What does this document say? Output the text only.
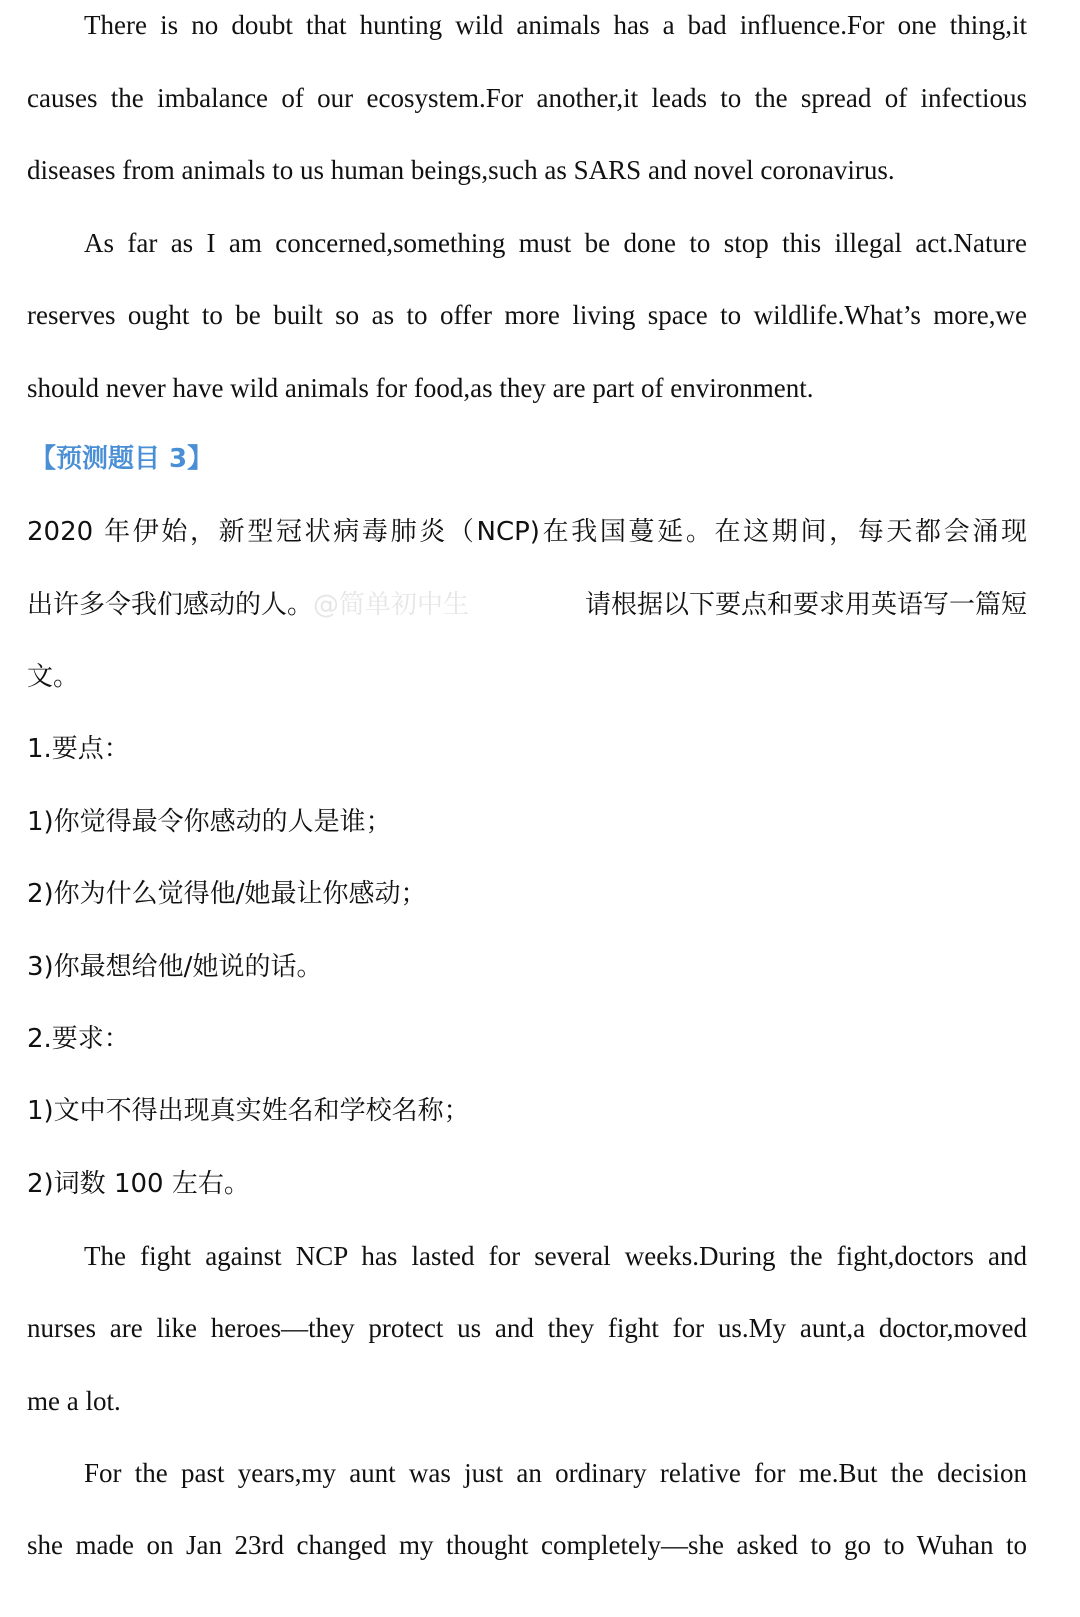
There is no doubt that hunting wild animals has a bad influence.For one thing,it
causes the imbalance of our ecosystem.For another,it leads to the spread of infectious
diseases from animals to us human beings,such as SARS and novel coronavirus.
As far as I am concerned,something must be done to stop this illegal act.Nature
reserves ought to be built so as to offer more living space to wildlife.What’s more,we
should never have wild animals for food,as they are part of environment.
【预测题目 3】
2020 年伊始，新型冠状病毒肺炎（NCP)在我国蔓延。在这期间，每天都会涌现
出许多令我们感动的人。 @简单初中生	请根据以下要点和要求用英语写一篇短
文。
1.要点：
1)你觉得最令你感动的人是谁；
2)你为什么觉得他/她最让你感动；
3)你最想给他/她说的话。
2.要求：
1)文中不得出现真实姓名和学校名称；
2)词数 100 左右。
The fight against NCP has lasted for several weeks.During the fight,doctors and
nurses are like heroes—they protect us and they fight for us.My aunt,a doctor,moved
me a lot.
For the past years,my aunt was just an ordinary relative for me.But the decision
she made on Jan 23rd changed my thought completely—she asked to go to Wuhan to
